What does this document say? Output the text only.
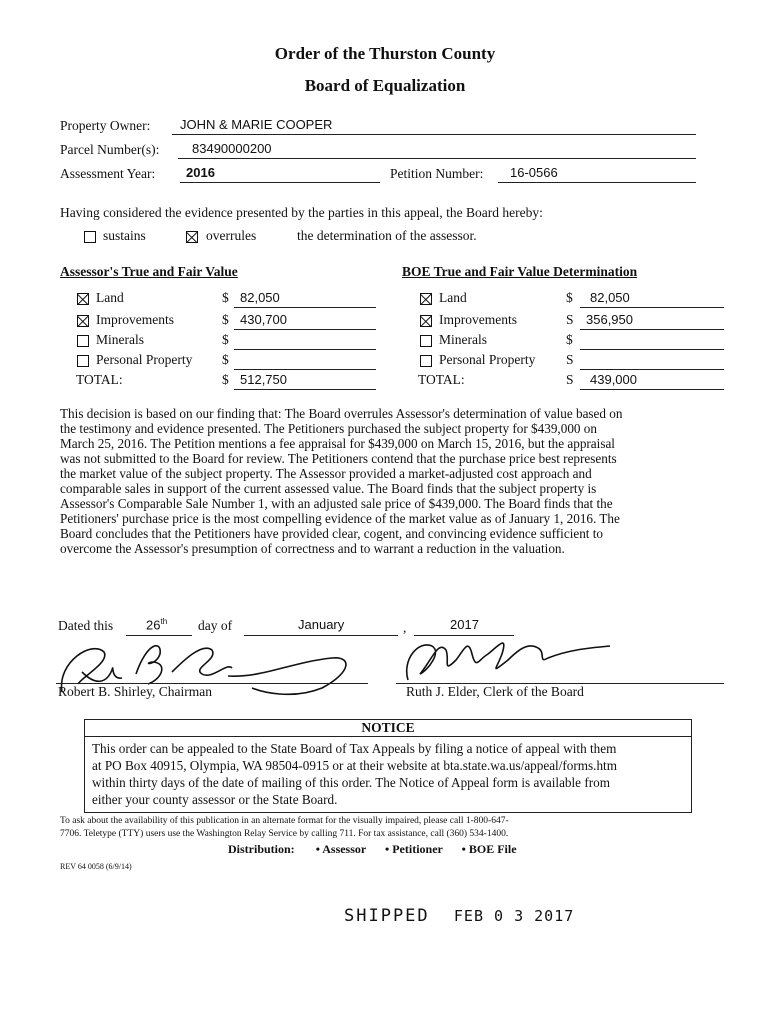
Order of the Thurston County
Board of Equalization
Property Owner: JOHN & MARIE COOPER
Parcel Number(s):	83490000200
Assessment Year: 2016	Petition Number: 16-0566
Having considered the evidence presented by the parties in this appeal, the Board hereby:
sustains	overrules	the determination of the assessor.
Assessor's True and Fair Value
Land	$ 82,050
Improvements	$ 430,700
Minerals	$
Personal Property $
TOTAL:	$ 512,750
BOE True and Fair Value Determination
Land	$ 82,050
Improvements	S 356,950
Minerals	$
Personal Property S
TOTAL:	S 439,000
This decision is based on our finding that: The Board overrules Assessor's determination of value based on
the testimony and evidence presented. The Petitioners purchased the subject property for $439,000 on
March 25, 2016. The Petition mentions a fee appraisal for $439,000 on March 15, 2016, but the appraisal
was not submitted to the Board for review. The Petitioners contend that the purchase price best represents
the market value of the subject property. The Assessor provided a market-adjusted cost approach and
comparable sales in support of the current assessed value. The Board finds that the subject property is
Assessor's Comparable Sale Number 1, with an adjusted sale price of $439,000. The Board finds that the
Petitioners' purchase price is the most compelling evidence of the market value as of January 1, 2016. The
Board concludes that the Petitioners have provided clear, cogent, and convincing evidence sufficient to
overcome the Assessor's presumption of correctness and to warrant a reduction in the valuation.
Dated this	26th day of	January	,	2017
Robert B. Shirley, Chairman	Ruth J. Elder, Clerk of the Board
NOTICE
This order can be appealed to the State Board of Tax Appeals by filing a notice of appeal with them
at PO Box 40915, Olympia, WA 98504-0915 or at their website at bta.state.wa.us/appeal/forms.htm
within thirty days of the date of mailing of this order. The Notice of Appeal form is available from
either your county assessor or the State Board.
To ask about the availability of this publication in an alternate format for the visually impaired, please call 1-800-647-
7706. Teletype (TTY) users use the Washington Relay Service by calling 711. For tax assistance, call (360) 534-1400.
Distribution: • Assessor • Petitioner • BOE File
REV 64 0058 (6/9/14)
SHIPPED FEB 0 3 2017
